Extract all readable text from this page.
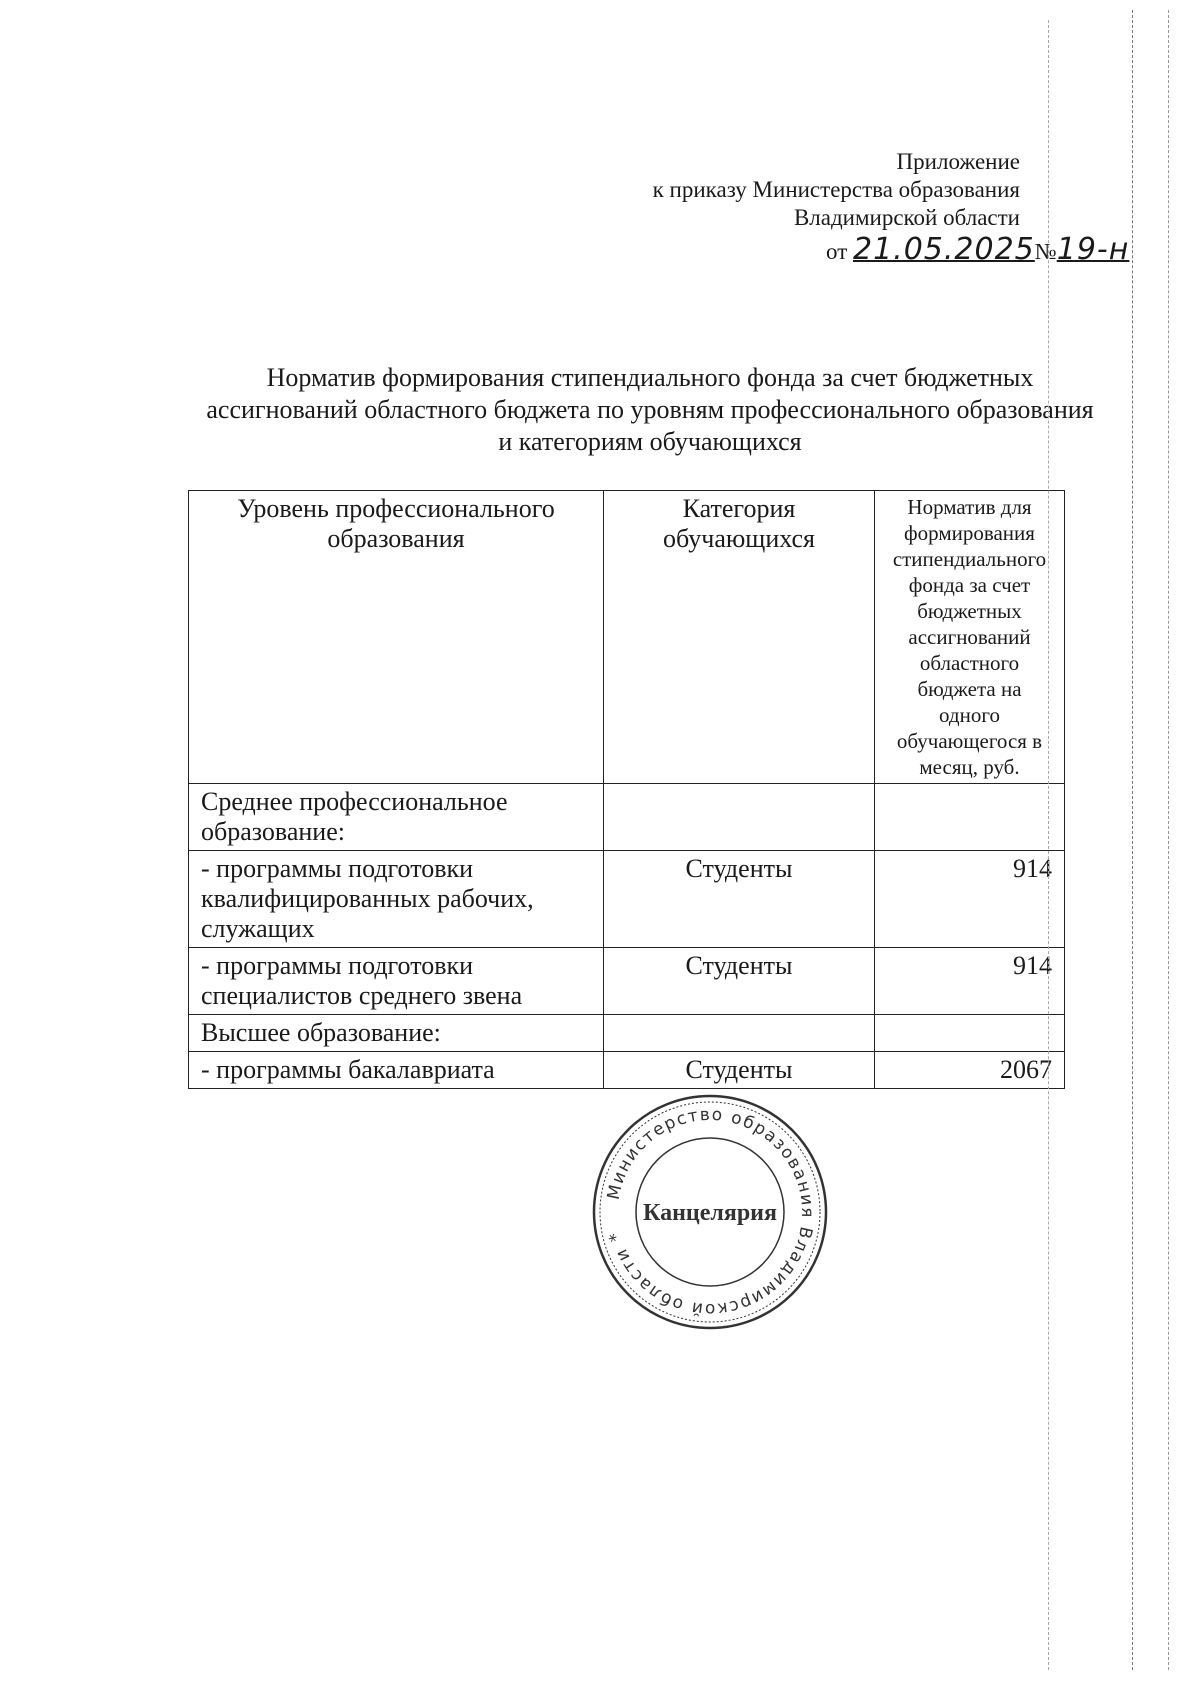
Приложение
к приказу Министерства образования
Владимирской области
от 21.05.2025№19-н
Норматив формирования стипендиального фонда за счет бюджетных
ассигнований областного бюджета по уровням профессионального образования
и категориям обучающихся
Уровень профессионального образования	Категория обучающихся	Норматив для формирования стипендиального фонда за счет бюджетных ассигнований областного бюджета на одного обучающегося в месяц, руб.
Среднее профессиональное образование:		
- программы подготовки квалифицированных рабочих, служащих	Студенты	914
- программы подготовки специалистов среднего звена	Студенты	914
Высшее образование:		
- программы бакалавриата	Студенты	2067
Министерство образования Владимирской области *
Канцелярия
